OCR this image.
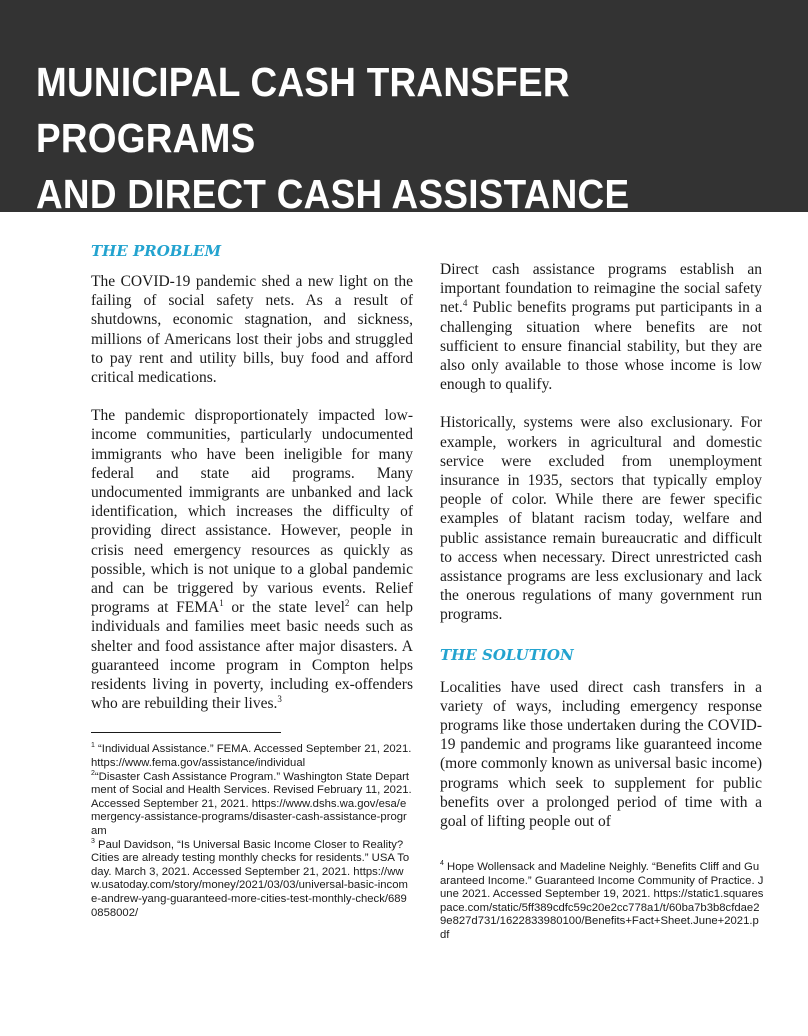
MUNICIPAL CASH TRANSFER PROGRAMS
AND DIRECT CASH ASSISTANCE
THE PROBLEM

The COVID-19 pandemic shed a new light on the failing of social safety nets. As a result of shutdowns, economic stagnation, and sickness, millions of Americans lost their jobs and struggled to pay rent and utility bills, buy food and afford critical medications.

The pandemic disproportionately impacted low-income communities, particularly undocumented immigrants who have been ineligible for many federal and state aid programs. Many undocumented immigrants are unbanked and lack identification, which increases the difficulty of providing direct assistance. However, people in crisis need emergency resources as quickly as possible, which is not unique to a global pandemic and can be triggered by various events. Relief programs at FEMA$^1$ or the state level$^2$ can help individuals and families meet basic needs such as shelter and food assistance after major disasters. A guaranteed income program in Compton helps residents living in poverty, including ex-offenders who are rebuilding their lives.$^3$

$^1$ “Individual Assistance.” FEMA. Accessed September 21, 2021. https://www.fema.gov/assistance/individual

$^2$“Disaster Cash Assistance Program.” Washington State Department of Social and Health Services. Revised February 11, 2021. Accessed September 21, 2021. https://www.dshs.wa.gov/esa/emergency-assistance-programs/disaster-cash-assistance-program

$^3$ Paul Davidson, “Is Universal Basic Income Closer to Reality? Cities are already testing monthly checks for residents.” USA Today. March 3, 2021. Accessed September 21, 2021. https://www.usatoday.com/story/money/2021/03/03/universal-basic-income-andrew-yang-guaranteed-more-cities-test-monthly-check/6890858002/

Direct cash assistance programs establish an important foundation to reimagine the social safety net.$^4$ Public benefits programs put participants in a challenging situation where benefits are not sufficient to ensure financial stability, but they are also only available to those whose income is low enough to qualify.

Historically, systems were also exclusionary. For example, workers in agricultural and domestic service were excluded from unemployment insurance in 1935, sectors that typically employ people of color. While there are fewer specific examples of blatant racism today, welfare and public assistance remain bureaucratic and difficult to access when necessary. Direct unrestricted cash assistance programs are less exclusionary and lack the onerous regulations of many government run programs.

THE SOLUTION

Localities have used direct cash transfers in a variety of ways, including emergency response programs like those undertaken during the COVID-19 pandemic and programs like guaranteed income (more commonly known as universal basic income) programs which seek to supplement for public benefits over a prolonged period of time with a goal of lifting people out of

$^4$ Hope Wollensack and Madeline Neighly. “Benefits Cliff and Guaranteed Income.” Guaranteed Income Community of Practice. June 2021. Accessed September 19, 2021. https://static1.squarespace.com/static/5ff389cdfc59c20e2cc778a1/t/60ba7b3b8cfdae29e827d731/1622833980100/Benefits+Fact+Sheet.June+2021.pdf
